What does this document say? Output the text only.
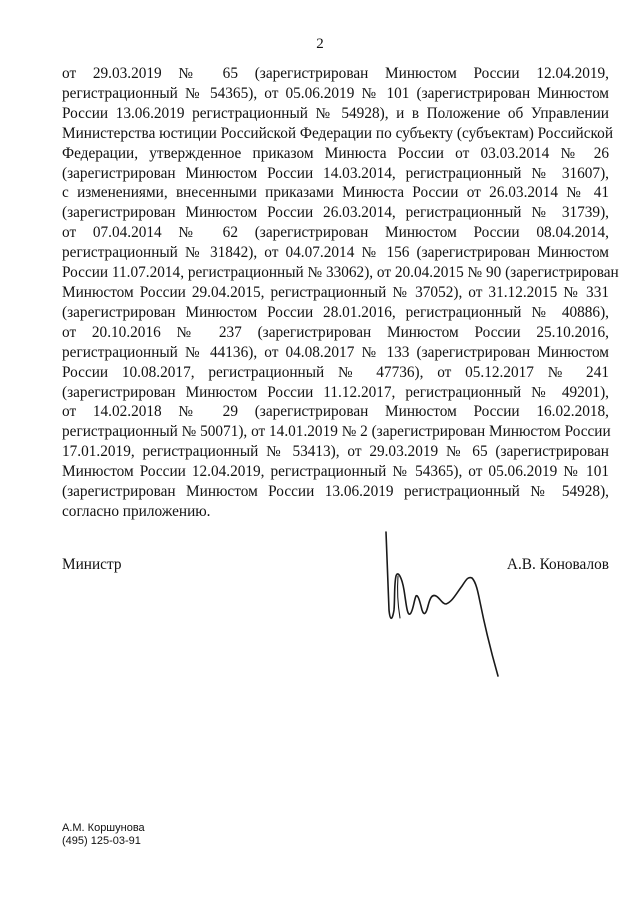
2
от 29.03.2019 № 65 (зарегистрирован Минюстом России 12.04.2019,
регистрационный № 54365), от 05.06.2019 № 101 (зарегистрирован Минюстом
России 13.06.2019 регистрационный № 54928), и в Положение об Управлении
Министерства юстиции Российской Федерации по субъекту (субъектам) Российской
Федерации, утвержденное приказом Минюста России от 03.03.2014 № 26
(зарегистрирован Минюстом России 14.03.2014, регистрационный № 31607),
с изменениями, внесенными приказами Минюста России от 26.03.2014 № 41
(зарегистрирован Минюстом России 26.03.2014, регистрационный № 31739),
от 07.04.2014 № 62 (зарегистрирован Минюстом России 08.04.2014,
регистрационный № 31842), от 04.07.2014 № 156 (зарегистрирован Минюстом
России 11.07.2014, регистрационный № 33062), от 20.04.2015 № 90 (зарегистрирован
Минюстом России 29.04.2015, регистрационный № 37052), от 31.12.2015 № 331
(зарегистрирован Минюстом России 28.01.2016, регистрационный № 40886),
от 20.10.2016 № 237 (зарегистрирован Минюстом России 25.10.2016,
регистрационный № 44136), от 04.08.2017 № 133 (зарегистрирован Минюстом
России 10.08.2017, регистрационный № 47736), от 05.12.2017 № 241
(зарегистрирован Минюстом России 11.12.2017, регистрационный № 49201),
от 14.02.2018 № 29 (зарегистрирован Минюстом России 16.02.2018,
регистрационный № 50071), от 14.01.2019 № 2 (зарегистрирован Минюстом России
17.01.2019, регистрационный № 53413), от 29.03.2019 № 65 (зарегистрирован
Минюстом России 12.04.2019, регистрационный № 54365), от 05.06.2019 № 101
(зарегистрирован Минюстом России 13.06.2019 регистрационный № 54928),
согласно приложению.
Министр	А.В. Коновалов
А.М. Коршунова
(495) 125-03-91
